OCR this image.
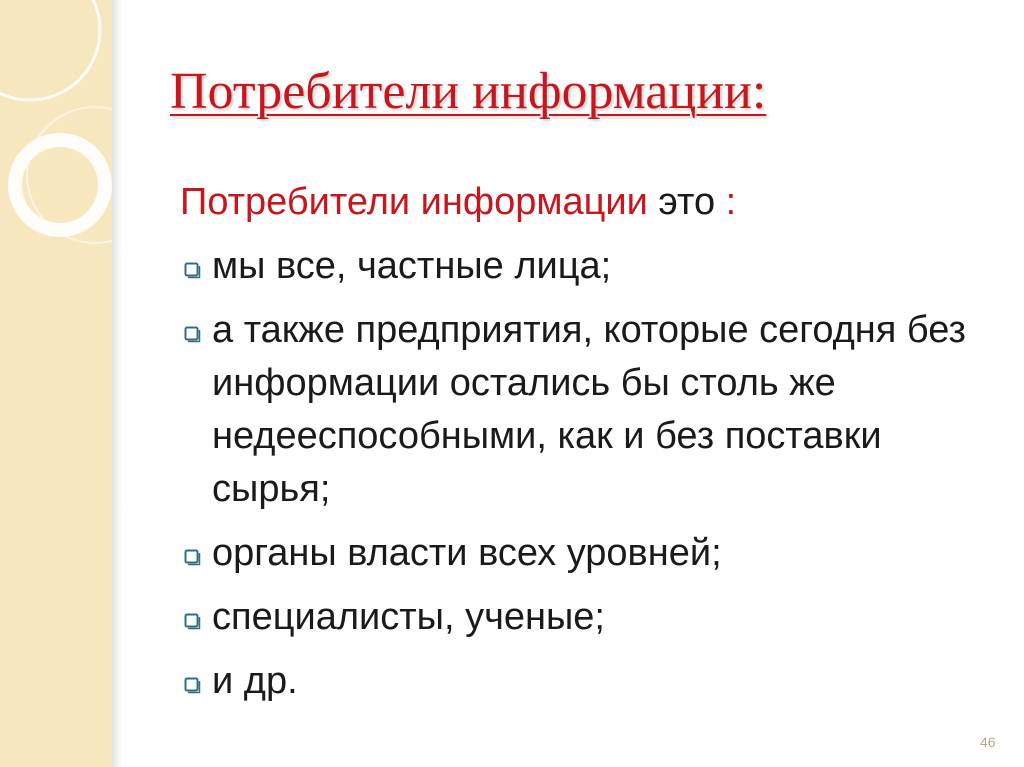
Потребители информации:

Потребители информации это :

мы все, частные лица;
а также предприятия, которые сегодня без информации остались бы столь же недееспособными, как и без поставки сырья;
органы власти всех уровней;
специалисты, ученые;
и др.
46
